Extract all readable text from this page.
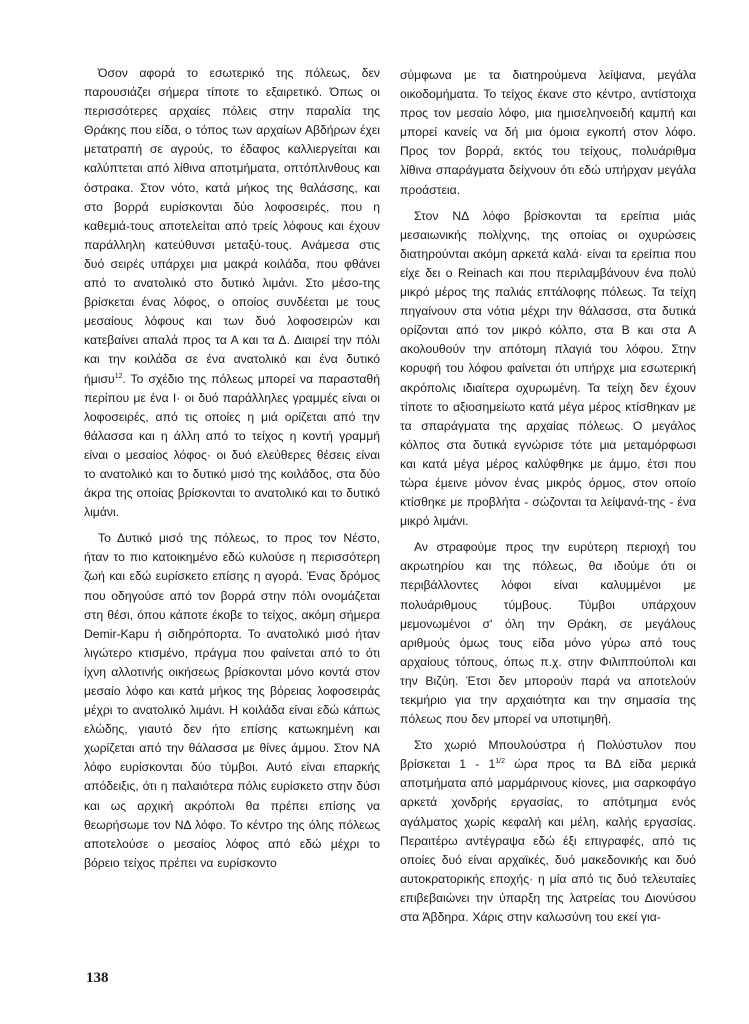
Όσον αφορά το εσωτερικό της πόλεως, δεν παρουσιάζει σήμερα τίποτε το εξαιρετικό. Όπως οι περισσότερες αρχαίες πόλεις στην παραλία της Θράκης που είδα, ο τόπος των αρχαίων Αβδήρων έχει μετατραπή σε αγρούς, το έδαφος καλλιεργείται και καλύπτεται από λίθινα αποτμήματα, οπτόπλινθους και όστρακα. Στον νότο, κατά μήκος της θαλάσσης, και στο βορρά ευρίσκονται δύο λοφοσειρές, που η καθεμιά-τους αποτελείται από τρείς λόφους και έχουν παράλληλη κατεύθυνσι μεταξύ-τους. Ανάμεσα στις δυό σειρές υπάρχει μια μακρά κοιλάδα, που φθάνει από το ανατολικό στο δυτικό λιμάνι. Στο μέσο-της βρίσκεται ένας λόφος, ο οποίος συνδέεται με τους μεσαίους λόφους και των δυό λοφοσειρών και κατεβαίνει απαλά προς τα Α και τα Δ. Διαιρεί την πόλι και την κοιλάδα σε ένα ανατολικό και ένα δυτικό ήμισυ$^{12}$. Το σχέδιο της πόλεως μπορεί να παρασταθή περίπου με ένα Ι· οι δυό παράλληλες γραμμές είναι οι λοφοσειρές, από τις οποίες η μιά ορίζεται από την θάλασσα και η άλλη από το τείχος η κοντή γραμμή είναι ο μεσαίος λόφος· οι δυό ελεύθερες θέσεις είναι το ανατολικό και το δυτικό μισό της κοιλάδος, στα δύο άκρα της οποίας βρίσκονται το ανατολικό και το δυτικό λιμάνι.

Το Δυτικό μισό της πόλεως, το προς τον Νέστο, ήταν το πιο κατοικημένο εδώ κυλούσε η περισσότερη ζωή και εδώ ευρίσκετο επίσης η αγορά. Ένας δρόμος που οδηγούσε από τον βορρά στην πόλι ονομάζεται στη θέσι, όπου κάποτε έκοβε το τείχος, ακόμη σήμερα Demir-Kapu ή σιδηρόπορτα. Το ανατολικό μισό ήταν λιγώτερο κτισμένο, πράγμα που φαίνεται από το ότι ίχνη αλλοτινής οικήσεως βρίσκονται μόνο κοντά στον μεσαίο λόφο και κατά μήκος της βόρειας λοφοσειράς μέχρι το ανατολικό λιμάνι. Η κοιλάδα είναι εδώ κάπως ελώδης, γιαυτό δεν ήτο επίσης κατωκημένη και χωρίζεται από την θάλασσα με θίνες άμμου. Στον ΝΑ λόφο ευρίσκονται δύο τύμβοι. Αυτό είναι επαρκής απόδειξις, ότι η παλαιότερα πόλις ευρίσκετο στην δύσι και ως αρχική ακρόπολι θα πρέπει επίσης να θεωρήσωμε τον ΝΔ λόφο. Το κέντρο της όλης πόλεως αποτελούσε ο μεσαίος λόφος από εδώ μέχρι το βόρειο τείχος πρέπει να ευρίσκοντο

σύμφωνα με τα διατηρούμενα λείψανα, μεγάλα οικοδομήματα. Το τείχος έκανε στο κέντρο, αντίστοιχα προς τον μεσαίο λόφο, μια ημισεληνοειδή καμπή και μπορεί κανείς να δή μια όμοια εγκοπή στον λόφο. Προς τον βορρά, εκτός του τείχους, πολυάριθμα λίθινα σπαράγματα δείχνουν ότι εδώ υπήρχαν μεγάλα προάστεια.

Στον ΝΔ λόφο βρίσκονται τα ερείπια μιάς μεσαιωνικής πολίχνης, της οποίας οι οχυρώσεις διατηρούνται ακόμη αρκετά καλά· είναι τα ερείπια που είχε δει ο Reinach και που περιλαμβάνουν ένα πολύ μικρό μέρος της παλιάς επτάλοφης πόλεως. Τα τείχη πηγαίνουν στα νότια μέχρι την θάλασσα, στα δυτικά ορίζονται από τον μικρό κόλπο, στα Β και στα Α ακολουθούν την απότομη πλαγιά του λόφου. Στην κορυφή του λόφου φαίνεται ότι υπήρχε μια εσωτερική ακρόπολις ιδιαίτερα οχυρωμένη. Τα τείχη δεν έχουν τίποτε το αξιοσημείωτο κατά μέγα μέρος κτίσθηκαν με τα σπαράγματα της αρχαίας πόλεως. Ο μεγάλος κόλπος στα δυτικά εγνώρισε τότε μια μεταμόρφωσι και κατά μέγα μέρος καλύφθηκε με άμμο, έτσι που τώρα έμεινε μόνον ένας μικρός όρμος, στον οποίο κτίσθηκε με προβλήτα - σώζονται τα λείψανά-της - ένα μικρό λιμάνι.

Αν στραφούμε προς την ευρύτερη περιοχή του ακρωτηρίου και της πόλεως, θα ιδούμε ότι οι περιβάλλοντες λόφοι είναι καλυμμένοι με πολυάριθμους τύμβους. Τύμβοι υπάρχουν μεμονωμένοι σ' όλη την Θράκη, σε μεγάλους αριθμούς όμως τους είδα μόνο γύρω από τους αρχαίους τόπους, όπως π.χ. στην Φιλιππούπολι και την Βιζύη. Έτσι δεν μπορούν παρά να αποτελούν τεκμήριο για την αρχαιότητα και την σημασία της πόλεως που δεν μπορεί να υποτιμηθή.

Στο χωριό Μπουλούστρα ή Πολύστυλον που βρίσκεται $1 - 1^{1/2}$ ώρα προς τα ΒΔ είδα μερικά αποτμήματα από μαρμάρινους κίονες, μια σαρκοφάγο αρκετά χονδρής εργασίας, το απότμημα ενός αγάλματος χωρίς κεφαλή και μέλη, καλής εργασίας. Περαιτέρω αντέγραψα εδώ έξι επιγραφές, από τις οποίες δυό είναι αρχαϊκές, δυό μακεδονικής και δυό αυτοκρατορικής εποχής· η μία από τις δυό τελευταίες επιβεβαιώνει την ύπαρξη της λατρείας του Διονύσου στα Άβδηρα. Χάρις στην καλωσύνη του εκεί για-

138
